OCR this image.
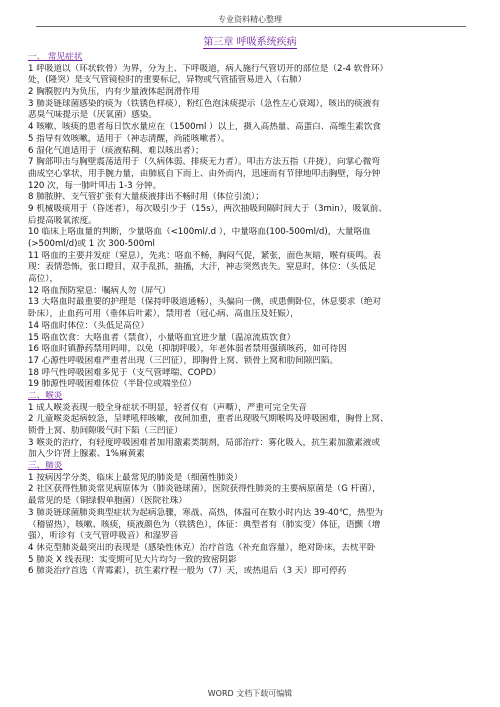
专业资料精心整理
第三章 呼吸系统疾病
一、 常见症状
1 呼吸道以（环状软骨）为界，分为上、下呼吸道，病人施行气管切开的部位是（2-4 软骨环）
处，(隆突）是支气管镜检时的重要标记，异物或气管插管易进入（右肺）
2 胸膜腔内为负压，内有少量液体起润滑作用
3 肺炎链球菌感染的痰为（铁锈色样痰），粉红色泡沫痰提示（急性左心衰竭），咳出的痰液有
恶臭气味提示是（厌氧菌）感染。
4 咳嗽、咳痰的患者每日饮水量应在（1500ml ）以上，摄入高热量、高蛋白、高维生素饮食
5 指导有效咳嗽，适用于（神志清醒，尚能咳嗽者）。
6 湿化气道适用于（痰液粘稠、难以咳出者）；
7 胸部叩击与胸壁震荡适用于（久病体弱、排痰无力者）。叩击方法五指（并拢），向掌心微弯
曲成空心掌状，用手腕力量，由肺底自下而上、由外而内，迅速而有节律地叩击胸壁，每分钟
120 次，每一肺叶叩击 1-3 分钟。
8 肺脓肿、支气管扩张有大量痰液排出不畅时用（体位引流）；
9 机械吸痰用于（昏迷者），每次吸引少于（15s），两次抽吸间隔时间大于（3min），吸氧前、
后提高吸氧浓度。
10 临床上咯血量的判断，少量咯血（<100ml/.d ），中量咯血(100-500ml/d)，大量咯血
(>500ml/d)或 1 次 300-500ml
11 咯血的主要并发症（窒息），先兆：咯血不畅，胸闷气促，紧张，面色灰暗，喉有痰鸣。表
现：表情恐怖，张口瞪目，双手乱抓，抽搐，大汗，神志突然丧失。窒息时，体位：（头低足
高位），
12 咯血预防窒息：嘱病人勿（屏气）
13 大咯血时最重要的护理是（保持呼吸道通畅），头偏向一侧，或患侧卧位，休息要求（绝对
卧床），止血药可用（垂体后叶素），禁用者（冠心病、高血压及妊娠），
14 咯血时体位：（头低足高位）
15 咯血饮食：大咯血者（禁食），小量咯血宜进少量（温凉流质饮食）
16 咯血时镇静药禁用吗啡，以免（抑制呼吸），年老体弱者禁用强镇咳药，如可待因
17 心源性呼吸困难严重者出现（三凹征），即胸骨上窝、锁骨上窝和肋间隙凹陷。
18 呼气性呼吸困难多见于（支气管哮喘、COPD）
19 肺源性呼吸困难体位（半卧位或端坐位）
二、喉炎
1 成人喉炎表现一般全身症状不明显，轻者仅有（声嘶），严重可完全失音
2 儿童喉炎起病较急，呈哮吼样咳嗽，夜间加重，重者出现吸气期喉鸣及呼吸困难，胸骨上窝、
锁骨上窝、肋间隙吸气时下陷（三凹征）
3 喉炎的治疗，有轻度呼吸困难者加用激素类制剂，局部治疗：雾化吸入，抗生素加激素液或
加入少许肾上腺素、1%麻黄素
三、肺炎
1 按病因学分类，临床上最常见的肺炎是（细菌性肺炎）
2 社区获得性肺炎常见病原体为（肺炎链球菌），医院获得性肺炎的主要病原菌是（G 杆菌），
最常见的是（铜绿假单胞菌）（医院社珠）
3 肺炎链球菌肺炎典型症状为起病急骤，寒战、高热，体温可在数小时内达 39-40℃，热型为
（稽留热），咳嗽、咳痰，痰液颜色为（铁锈色），体征：典型者有（肺实变）体征，语颤（增
强），听诊有（支气管呼吸音）和湿罗音
4 休克型肺炎最突出的表现是（感染性休克）治疗首选（补充血容量），绝对卧床，去枕平卧
5 肺炎 X 线表现：实变期可见大片均匀一致的致密阴影
6 肺炎治疗首选（青霉素），抗生素疗程一般为（7）天，或热退后（3 天）即可停药
WORD 文档下载可编辑
